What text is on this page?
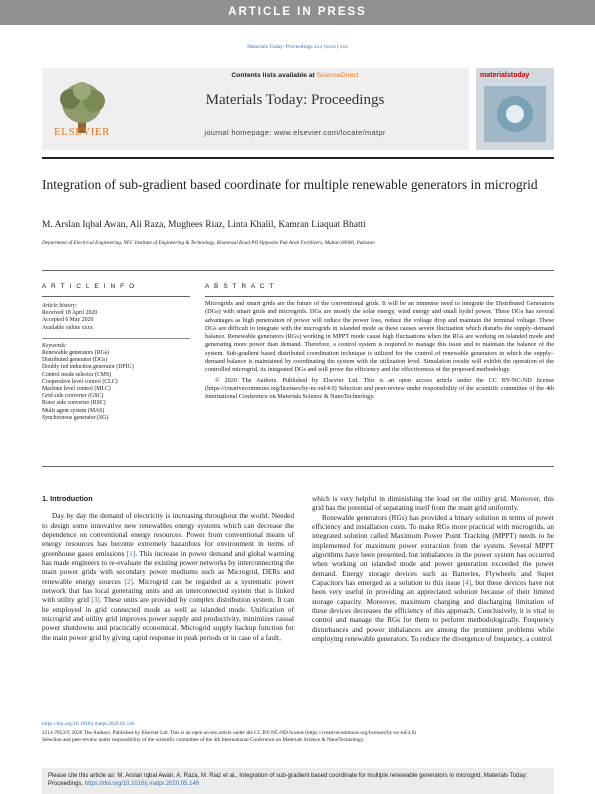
ARTICLE IN PRESS
Materials Today: Proceedings xxx (xxxx) xxx
ELSEVIER
Contents lists available at ScienceDirect
Materials Today: Proceedings
journal homepage: www.elsevier.com/locate/matpr
materialstoday
Integration of sub-gradient based coordinate for multiple renewable generators in microgrid
M. Arslan Iqbal Awan, Ali Raza, Mughees Riaz, Linta Khalil, Kamran Liaquat Bhatti
Department of Electrical Engineering, NFC Institute of Engineering & Technology, Khanewal Road PO Opposite Pak Arab Fertilizers, Multan 60000, Pakistan
A R T I C L E I N F O	A B S T R A C T
Article history:
Received 18 April 2020
Accepted 6 May 2020
Available online xxxx
Keywords:
Renewable generators (RGs)
Distributed generator (DGs)
Doubly fed induction generator (DFIG)
Control mode selector (CMS)
Cooperative level control (CLC)
Machine level control (MLC)
Grid side converter (GSC)
Rotor side converter (RSC)
Multi agent system (MAS)
Synchronous generator (SG)

Microgrids and smart grids are the future of the conventional grids. It will be an immense need to integrate the Distributed Generators (DGs) with smart grids and microgrids. DGs are mostly the solar energy, wind energy and small hydel power. These DGs has several advantages as high penetration of power will reduce the power loss, reduce the voltage drop and maintain the terminal voltage. These DGs are difficult to integrate with the microgrids in islanded mode as these causes severe fluctuation which disturbs the supply–demand balance. Renewable generators (RGs) working in MPPT mode cause high fluctuations when the RGs are working on islanded mode and generating more power than demand. Therefore, a control system is required to manage this issue and to maintain the balance of the system. Sub-gradient based distributed coordination technique is utilized for the control of renewable generators in which the supply–demand balance is maintained by coordinating the system with the utilization level. Simulation results will exhibit the operation of the controlled microgrid, its integrated DGs and will prove the efficiency and the effectiveness of the proposed methodology.

© 2020 The Authors. Published by Elsevier Ltd. This is an open access article under the CC BY-NC-ND license (https://creativecommons.org/licenses/by-nc-nd/4.0) Selection and peer-review under responsibility of the scientific committee of the 4th International Conference on Materials Science & NanoTechnology.

1. Introduction

Day by day the demand of electricity is increasing throughout the world. Needed to design some innovative new renewables energy systems which can decrease the dependence on conventional energy resources. Power from conventional means of energy resources has become extremely hazardous for environment in terms of greenhouse gases emissions [1]. This increase in power demand and global warming has made engineers to re-evaluate the existing power networks by interconnecting the main power grids with secondary power mediums such as Microgrid, DERs and renewable energy sources [2]. Microgrid can be regarded as a systematic power network that has local generating units and an interconnected system that is linked with utility grid [3]. These units are provided by complex distribution system. It can be employed in grid connected mode as well as islanded mode. Unification of microgrid and utility grid improves power supply and productivity, minimizes casual power shutdowns and practically economical. Microgrid supply backup function for the main power grid by giving rapid response in peak periods or in case of a fault,

which is very helpful in diminishing the load on the utility grid. Moreover, this grid has the potential of separating itself from the main grid uniformly.

Renewable generators (RGs) has provided a binary solution in terms of power efficiency and installation costs. To make RGs more practical with microgrids, an integrated solution called Maximum Power Point Tracking (MPPT) needs to be implemented for maximum power extraction from the system. Several MPPT algorithms have been presented, but imbalances in the power system has occurred when working on islanded mode and power generation exceeded the power demand. Energy storage devices such as Batteries, Flywheels and Super Capacitors has emerged as a solution to this issue [4], but these devices have not been very useful in providing an appreciated solution because of their limited storage capacity. Moreover, maximum charging and discharging limitation of these devices decreases the efficiency of this approach. Conclusively, it is vital to control and manage the RGs for them to perform methodologically. Frequency disturbances and power imbalances are among the prominent problems while employing renewable generators. To reduce the divergence of frequency, a control

https://doi.org/10.1016/j.matpr.2020.05.146
2214-7853/© 2020 The Authors. Published by Elsevier Ltd. This is an open access article under the CC BY-NC-ND license (https://creativecommons.org/licenses/by-nc-nd/4.0)
Selection and peer-review under responsibility of the scientific committee of the 4th International Conference on Materials Science & NanoTechnology.
Please cite this article as: M. Arslan Iqbal Awan, A. Raza, M. Riaz et al., Integration of sub-gradient based coordinate for multiple renewable generators in microgrid, Materials Today: Proceedings, https://doi.org/10.1016/j.matpr.2020.05.146
